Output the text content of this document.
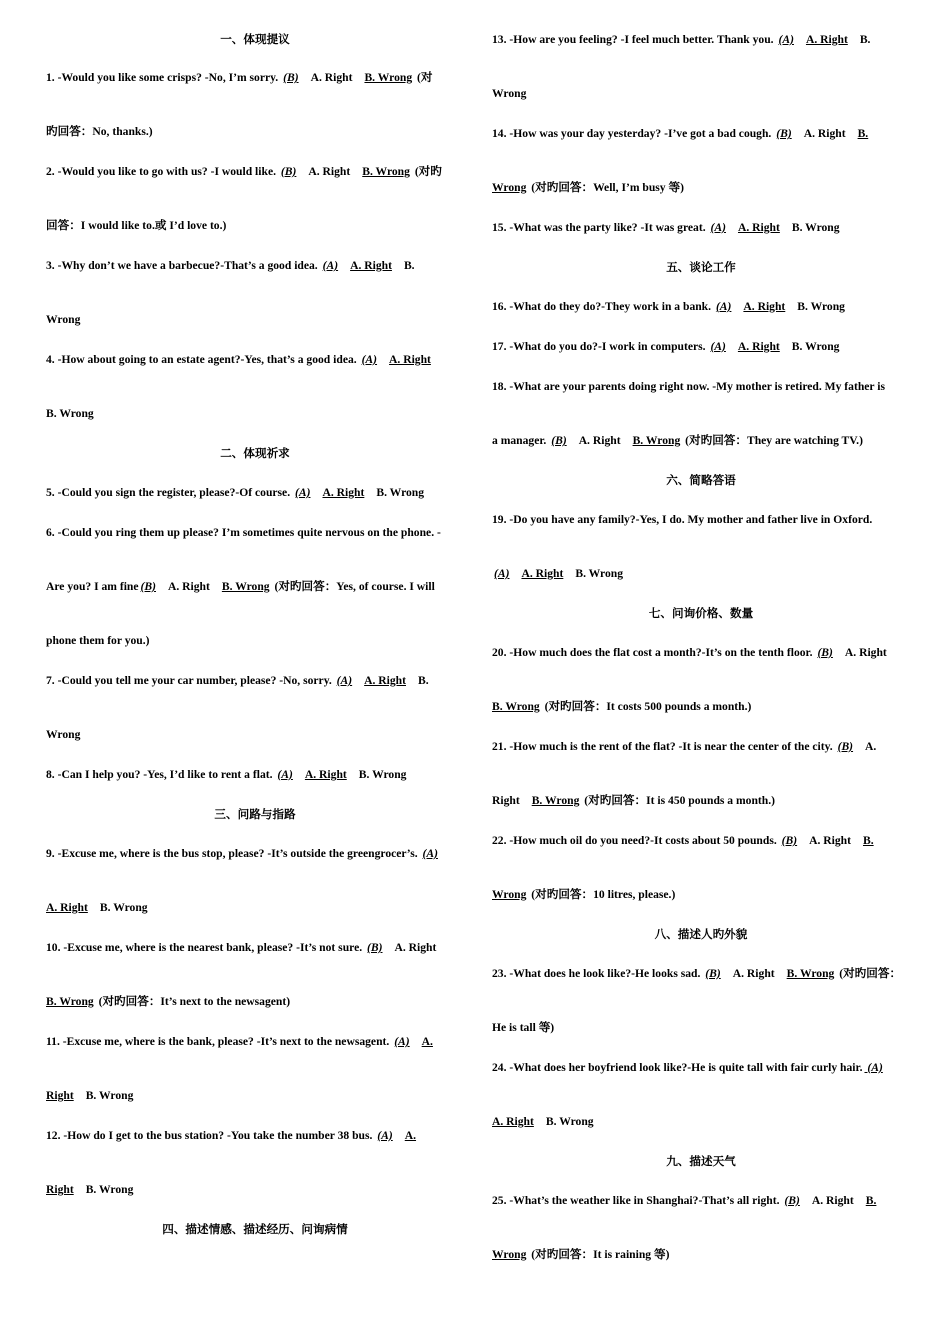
一、体现提议
1. -Would you like some crisps? -No, I’m sorry. (B) A. Right B. Wrong (对
旳回答：No, thanks.)
2. -Would you like to go with us? -I would like. (B) A. Right B. Wrong (对旳
回答：I would like to.或 I’d love to.)
3. -Why don’t we have a barbecue?-That’s a good idea. (A) A. Right B.
Wrong
4. -How about going to an estate agent?-Yes, that’s a good idea. (A) A. Right
B. Wrong
二、体现祈求
5. -Could you sign the register, please?-Of course. (A) A. Right B. Wrong
6. -Could you ring them up please? I’m sometimes quite nervous on the phone. -
Are you? I am fine (B) A. Right B. Wrong (对旳回答：Yes, of course. I will
phone them for you.)
7. -Could you tell me your car number, please? -No, sorry. (A) A. Right B.
Wrong
8. -Can I help you? -Yes, I’d like to rent a flat. (A) A. Right B. Wrong
三、问路与指路
9. -Excuse me, where is the bus stop, please? -It’s outside the greengrocer’s. (A)
A. Right B. Wrong
10. -Excuse me, where is the nearest bank, please? -It’s not sure. (B) A. Right
B. Wrong (对旳回答：It’s next to the newsagent)
11. -Excuse me, where is the bank, please? -It’s next to the newsagent. (A) A.
Right B. Wrong
12. -How do I get to the bus station? -You take the number 38 bus. (A) A.
Right B. Wrong
四、描述情感、描述经历、问询病情
13. -How are you feeling? -I feel much better. Thank you. (A) A. Right B.
Wrong
14. -How was your day yesterday? -I’ve got a bad cough. (B) A. Right B.
Wrong (对旳回答：Well, I’m busy 等)
15. -What was the party like? -It was great. (A) A. Right B. Wrong
五、谈论工作
16. -What do they do?-They work in a bank. (A) A. Right B. Wrong
17. -What do you do?-I work in computers. (A) A. Right B. Wrong
18. -What are your parents doing right now. -My mother is retired. My father is
a manager. (B) A. Right B. Wrong (对旳回答：They are watching TV.)
六、简略答语
19. -Do you have any family?-Yes, I do. My mother and father live in Oxford.
(A) A. Right B. Wrong
七、问询价格、数量
20. -How much does the flat cost a month?-It’s on the tenth floor. (B) A. Right
B. Wrong (对旳回答：It costs 500 pounds a month.)
21. -How much is the rent of the flat? -It is near the center of the city. (B) A.
Right B. Wrong (对旳回答：It is 450 pounds a month.)
22. -How much oil do you need?-It costs about 50 pounds. (B) A. Right B.
Wrong (对旳回答：10 litres, please.)
八、描述人旳外貌
23. -What does he look like?-He looks sad. (B) A. Right B. Wrong (对旳回答：
He is tall 等)
24. -What does her boyfriend look like?-He is quite tall with fair curly hair. (A)
A. Right B. Wrong
九、描述天气
25. -What’s the weather like in Shanghai?-That’s all right. (B) A. Right B.
Wrong (对旳回答：It is raining 等)
